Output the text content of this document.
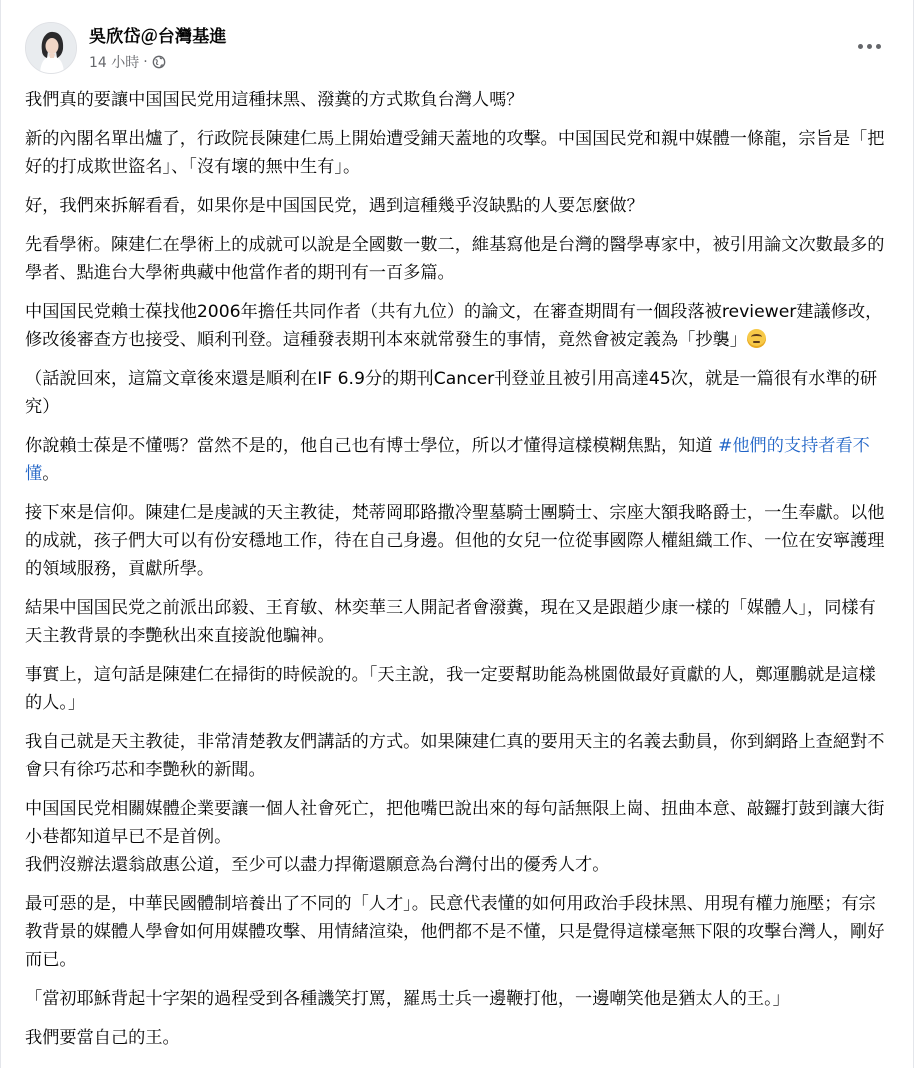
吳欣岱＠台灣基進
14 小時 ·

我們真的要讓中国国民党用這種抹黑、潑糞的方式欺負台灣人嗎？

新的內閣名單出爐了，行政院長陳建仁馬上開始遭受鋪天蓋地的攻擊。中国国民党和親中媒體一條龍，宗旨是「把好的打成欺世盜名」、「沒有壞的無中生有」。

好，我們來拆解看看，如果你是中国国民党，遇到這種幾乎沒缺點的人要怎麼做？

先看學術。陳建仁在學術上的成就可以說是全國數一數二，維基寫他是台灣的醫學專家中，被引用論文次數最多的學者、點進台大學術典藏中他當作者的期刊有一百多篇。

中国国民党賴士葆找他2006年擔任共同作者（共有九位）的論文，在審查期間有一個段落被reviewer建議修改，修改後審查方也接受、順利刊登。這種發表期刊本來就常發生的事情，竟然會被定義為「抄襲」

（話說回來，這篇文章後來還是順利在IF 6.9分的期刊Cancer刊登並且被引用高達45次，就是一篇很有水準的研究）

你說賴士葆是不懂嗎？當然不是的，他自己也有博士學位，所以才懂得這樣模糊焦點，知道 #他們的支持者看不懂。

接下來是信仰。陳建仁是虔誠的天主教徒，梵蒂岡耶路撒冷聖墓騎士團騎士、宗座大額我略爵士，一生奉獻。以他的成就，孩子們大可以有份安穩地工作，待在自己身邊。但他的女兒一位從事國際人權組織工作、一位在安寧護理的領域服務，貢獻所學。

結果中国国民党之前派出邱毅、王育敏、林奕華三人開記者會潑糞，現在又是跟趙少康一樣的「媒體人」，同樣有天主教背景的李艷秋出來直接說他騙神。

事實上，這句話是陳建仁在掃街的時候說的。「天主說，我一定要幫助能為桃園做最好貢獻的人，鄭運鵬就是這樣的人。」

我自己就是天主教徒，非常清楚教友們講話的方式。如果陳建仁真的要用天主的名義去動員，你到網路上查絕對不會只有徐巧芯和李艷秋的新聞。

中国国民党相關媒體企業要讓一個人社會死亡，把他嘴巴說出來的每句話無限上崗、扭曲本意、敲鑼打鼓到讓大街小巷都知道早已不是首例。

我們沒辦法還翁啟惠公道，至少可以盡力捍衛還願意為台灣付出的優秀人才。

最可惡的是，中華民國體制培養出了不同的「人才」。民意代表懂的如何用政治手段抹黑、用現有權力施壓；有宗教背景的媒體人學會如何用媒體攻擊、用情緒渲染，他們都不是不懂，只是覺得這樣毫無下限的攻擊台灣人，剛好而已。

「當初耶穌背起十字架的過程受到各種譏笑打罵，羅馬士兵一邊鞭打他，一邊嘲笑他是猶太人的王。」

我們要當自己的王。
